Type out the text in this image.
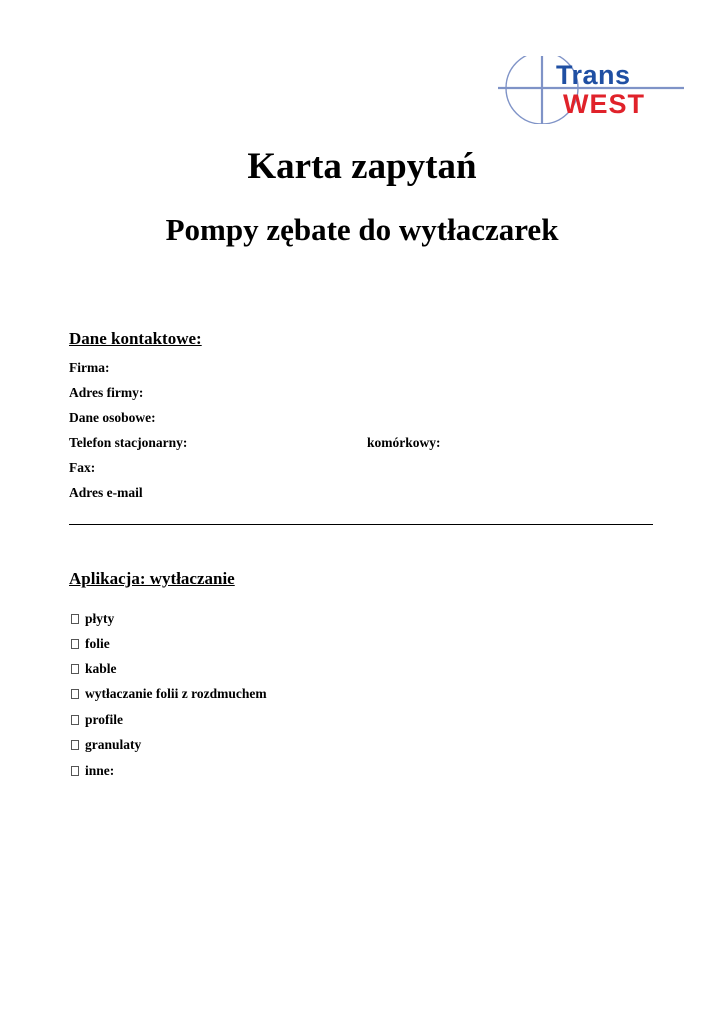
Trans
WEST
Karta zapytań
Pompy zębate do wytłaczarek
Dane kontaktowe:
Firma:
Adres firmy:
Dane osobowe:
Telefon stacjonarny:	komórkowy:
Fax:
Adres e-mail
Aplikacja: wytłaczanie
płyty
folie
kable
wytłaczanie folii z rozdmuchem
profile
granulaty
inne:
